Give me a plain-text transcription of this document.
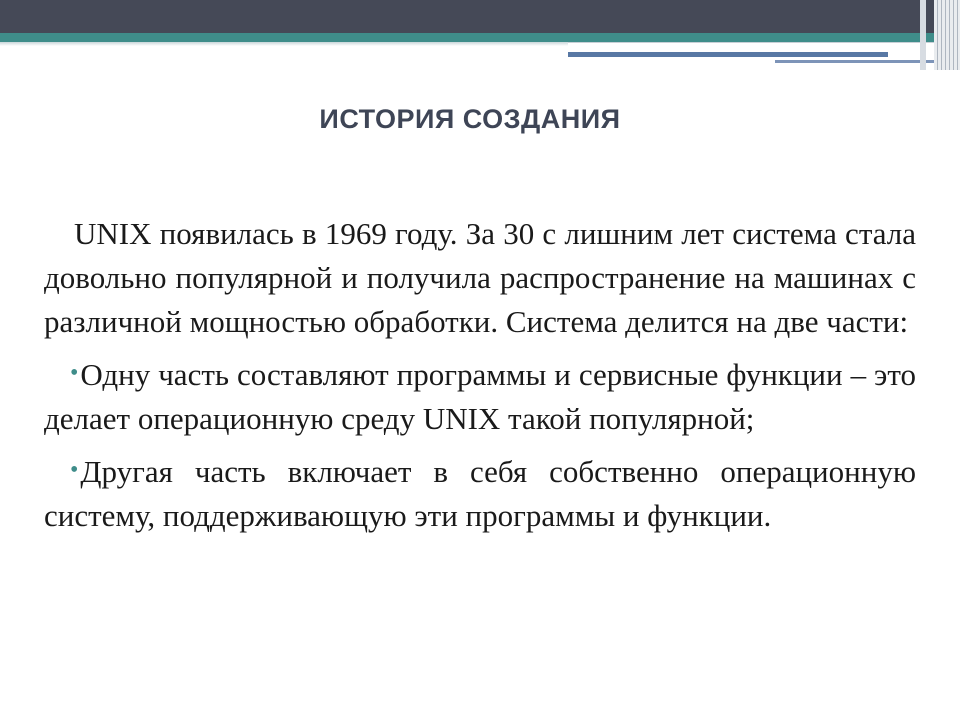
ИСТОРИЯ СОЗДАНИЯ

UNIX появилась в 1969 году. За 30 с лишним лет система стала довольно популярной и получила распространение на машинах с различной мощностью обработки. Система делится на две части:

•Одну часть составляют программы и сервисные функции – это делает операционную среду UNIX такой популярной;

•Другая часть включает в себя собственно операционную систему, поддерживающую эти программы и функции.
